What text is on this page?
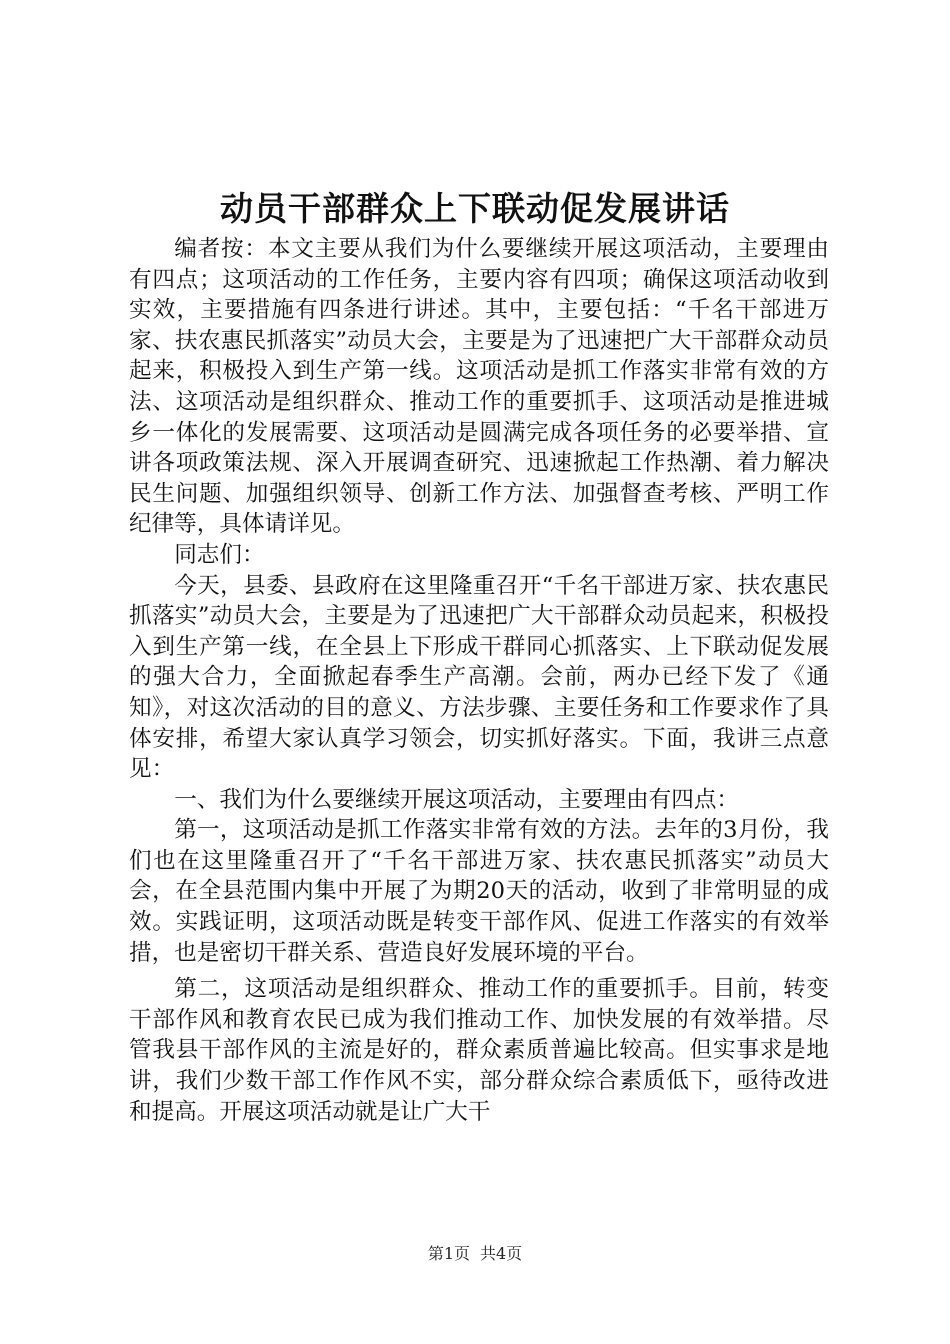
动员干部群众上下联动促发展讲话

编者按：本文主要从我们为什么要继续开展这项活动，主要理由有四点；这项活动的工作任务，主要内容有四项；确保这项活动收到实效，主要措施有四条进行讲述。其中，主要包括：“千名干部进万家、扶农惠民抓落实”动员大会，主要是为了迅速把广大干部群众动员起来，积极投入到生产第一线。这项活动是抓工作落实非常有效的方法、这项活动是组织群众、推动工作的重要抓手、这项活动是推进城乡一体化的发展需要、这项活动是圆满完成各项任务的必要举措、宣讲各项政策法规、深入开展调查研究、迅速掀起工作热潮、着力解决民生问题、加强组织领导、创新工作方法、加强督查考核、严明工作纪律等，具体请详见。

同志们：

今天，县委、县政府在这里隆重召开“千名干部进万家、扶农惠民抓落实”动员大会，主要是为了迅速把广大干部群众动员起来，积极投入到生产第一线，在全县上下形成干群同心抓落实、上下联动促发展的强大合力，全面掀起春季生产高潮。会前，两办已经下发了《通知》，对这次活动的目的意义、方法步骤、主要任务和工作要求作了具体安排，希望大家认真学习领会，切实抓好落实。下面，我讲三点意见：

一、我们为什么要继续开展这项活动，主要理由有四点：

第一，这项活动是抓工作落实非常有效的方法。去年的3月份，我们也在这里隆重召开了“千名干部进万家、扶农惠民抓落实”动员大会，在全县范围内集中开展了为期20天的活动，收到了非常明显的成效。实践证明，这项活动既是转变干部作风、促进工作落实的有效举措，也是密切干群关系、营造良好发展环境的平台。

第二，这项活动是组织群众、推动工作的重要抓手。目前，转变干部作风和教育农民已成为我们推动工作、加快发展的有效举措。尽管我县干部作风的主流是好的，群众素质普遍比较高。但实事求是地讲，我们少数干部工作作风不实，部分群众综合素质低下，亟待改进和提高。开展这项活动就是让广大干

第1页 共4页
